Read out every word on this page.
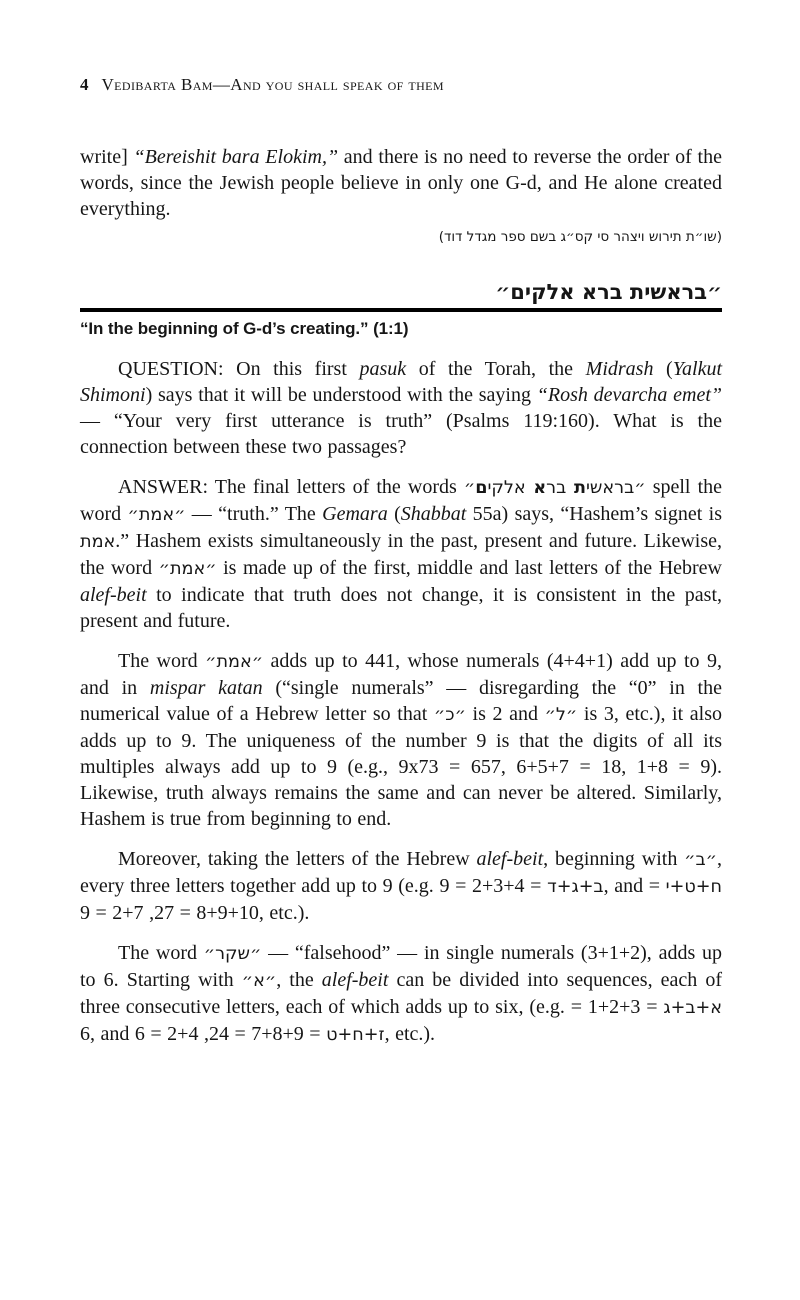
4 Vedibarta Bam—And you shall speak of them

write] “Bereishit bara Elokim,” and there is no need to reverse the order of the words, since the Jewish people believe in only one G-d, and He alone created everything.

(שו״ת תירוש ויצהר סי קס״ג בשם ספר מגדל דוד)
״בראשית ברא אלקים״
“In the beginning of G-d’s creating.” (1:1)

QUESTION: On this first pasuk of the Torah, the Midrash (Yalkut Shimoni) says that it will be understood with the saying “Rosh devarcha emet” — “Your very first utterance is truth” (Psalms 119:160). What is the connection between these two passages?

ANSWER: The final letters of the words	״בראשית ברא אלקים״	spell the word ״אמת״ — “truth.” The Gemara (Shabbat 55a) says, “Hashem’s signet is אמת.” Hashem exists simultaneously in the past, present and future. Likewise, the word ״אמת״ is made up of the first, middle and last letters of the Hebrew alef-beit to indicate that truth does not change, it is consistent in the past, present and future.

The word ״אמת״ adds up to 441, whose numerals (4+4+1) add up to 9, and in mispar katan (“single numerals” — disregarding the “0” in the numerical value of a Hebrew letter so that ״כ״ is 2 and ״ל״ is 3, etc.), it also adds up to 9. The uniqueness of the number 9 is that the digits of all its multiples always add up to 9 (e.g., 9x73 = 657, 6+5+7 = 18, 1+8 = 9). Likewise, truth always remains the same and can never be altered. Similarly, Hashem is true from beginning to end.

Moreover, taking the letters of the Hebrew alef-beit, beginning with ״ב״, every three letters together add up to 9 (e.g.	ב+ג+ד = 2+3+4 = 9, and ח+ט+י = 8+9+10 = 27, 2+7 = 9, etc.).

The word ״שקר״ — “falsehood” — in single numerals (3+1+2), adds up to 6. Starting with ״א״, the alef-beit can be divided into sequences, each of three consecutive letters, each of which adds up to six, (e.g.	א+ב+ג = 1+2+3 = 6, and	ז+ח+ט = 7+8+9 = 24, 2+4 = 6, etc.).
